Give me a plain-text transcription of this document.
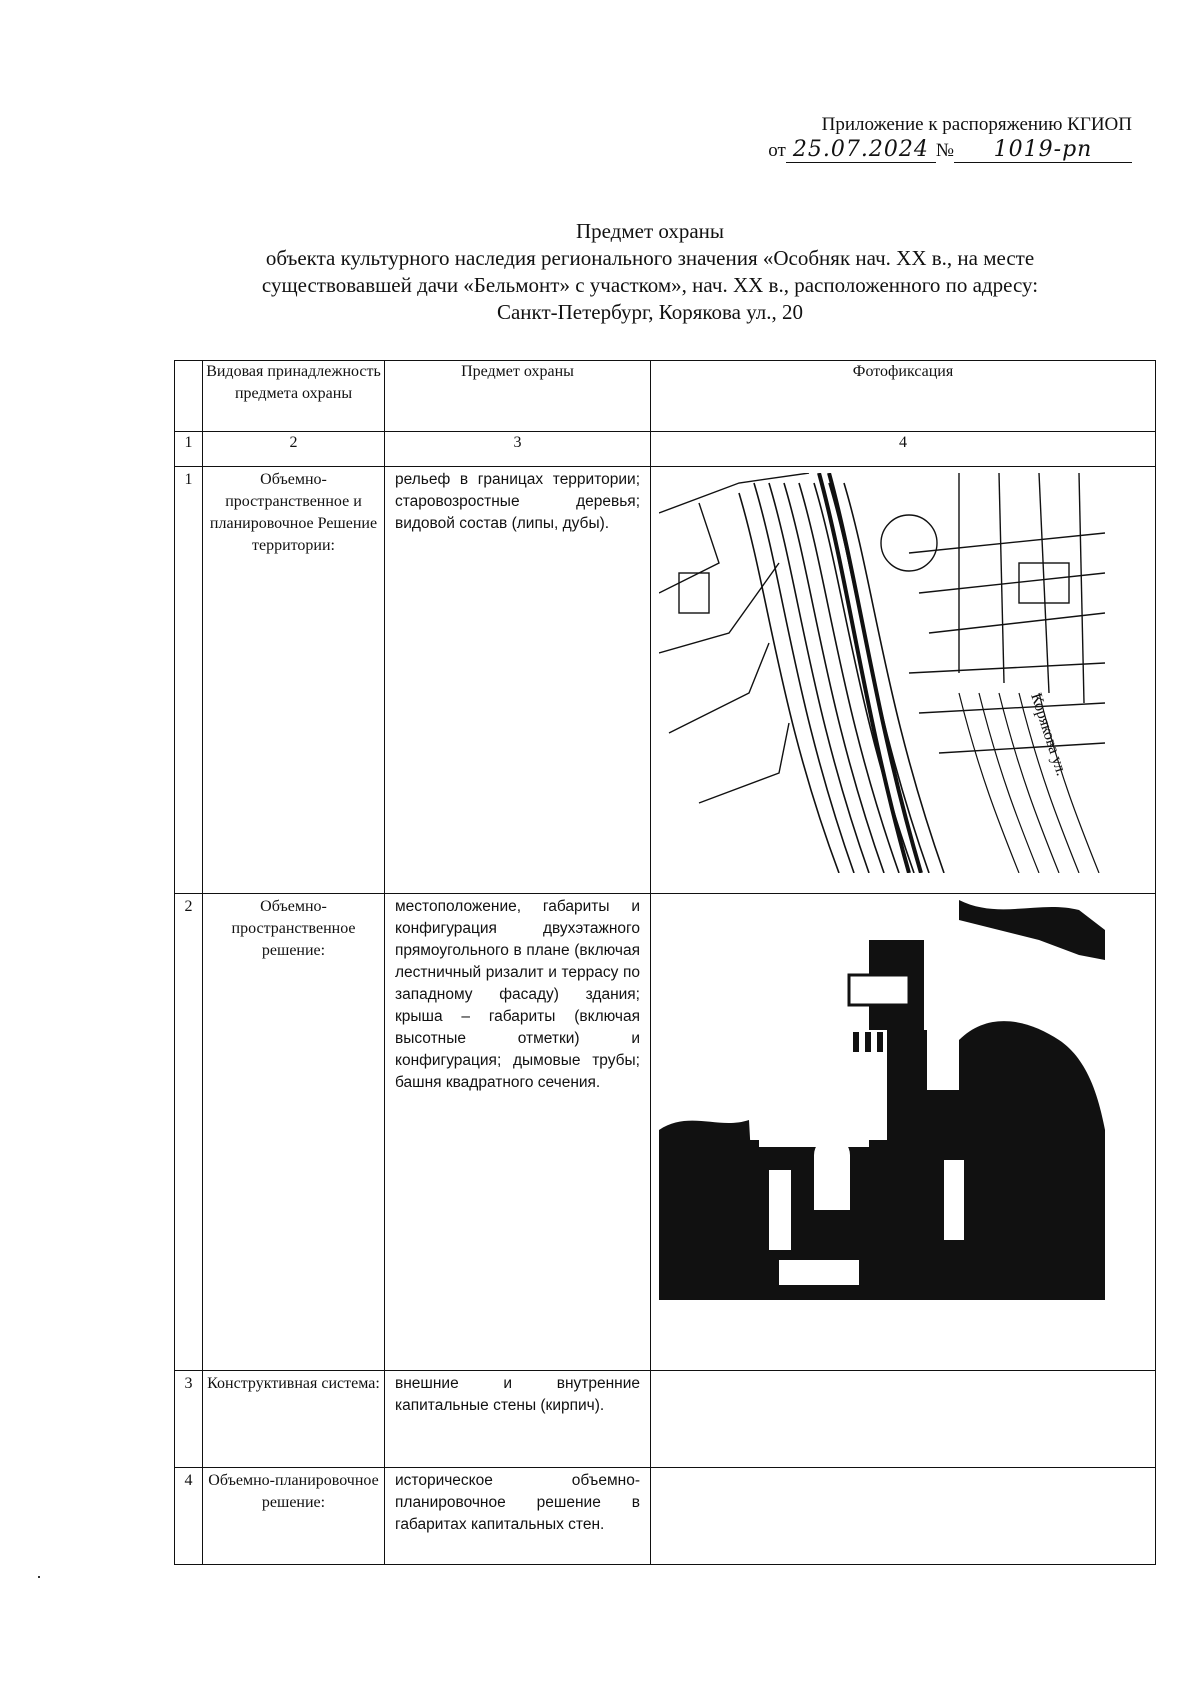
Приложение к распоряжению КГИОП
от 25.07.2024 № 1019-рп
Предмет охраны
объекта культурного наследия регионального значения «Особняк нач. XX в., на месте
существовавшей дачи «Бельмонт» с участком», нач. XX в., расположенного по адресу:
Санкт-Петербург, Корякова ул., 20
	Видовая принадлежность предмета охраны	Предмет охраны	Фотофиксация
1	2	3	4
1	Объемно-пространственное и планировочное Решение территории:	рельеф в границах территории; старовозростные деревья; видовой состав (липы, дубы).	Корякова ул.

2	Объемно-пространственное решение:	местоположение, габариты и конфигурация двухэтажного прямоугольного в плане (включая лестничный ризалит и террасу по западному фасаду) здания; крыша – габариты (включая высотные отметки) и конфигурация; дымовые трубы; башня квадратного сечения.	

3	Конструктивная система:	внешние и внутренние капитальные стены (кирпич).	
4	Объемно-планировочное решение:	историческое объемно-планировочное решение в габаритах капитальных стен.	
